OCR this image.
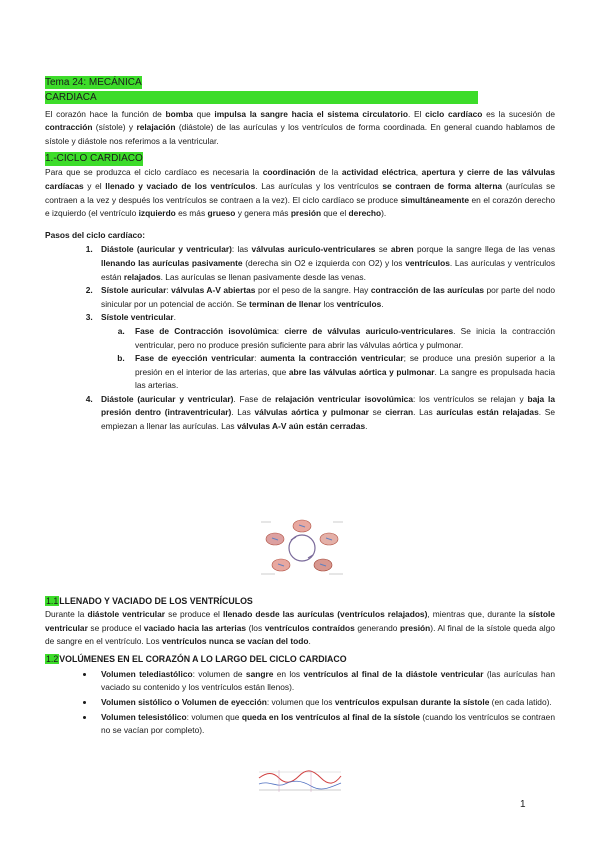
Tema 24: MECÁNICA
CARDIACA

El corazón hace la función de bomba que impulsa la sangre hacia el sistema circulatorio. El ciclo cardíaco es la sucesión de contracción (sístole) y relajación (diástole) de las aurículas y los ventrículos de forma coordinada. En general cuando hablamos de sístole y diástole nos referimos a la ventricular.

1.-CICLO CARDIACO

Para que se produzca el ciclo cardíaco es necesaria la coordinación de la actividad eléctrica, apertura y cierre de las válvulas cardíacas y el llenado y vaciado de los ventrículos. Las aurículas y los ventrículos se contraen de forma alterna (aurículas se contraen a la vez y después los ventrículos se contraen a la vez). El ciclo cardíaco se produce simultáneamente en el corazón derecho e izquierdo (el ventrículo izquierdo es más grueso y genera más presión que el derecho).

Pasos del ciclo cardíaco:
1. Diástole (auricular y ventricular): las válvulas auriculo-ventriculares se abren porque la sangre llega de las venas llenando las aurículas pasivamente (derecha sin O2 e izquierda con O2) y los ventrículos. Las aurículas y ventrículos están relajados. Las aurículas se llenan pasivamente desde las venas.
2. Sístole auricular: válvulas A-V abiertas por el peso de la sangre. Hay contracción de las aurículas por parte del nodo sinicular por un potencial de acción. Se terminan de llenar los ventrículos.
3. Sístole ventricular.
a. Fase de Contracción isovolúmica: cierre de válvulas auriculo-ventriculares. Se inicia la contracción ventricular, pero no produce presión suficiente para abrir las válvulas aórtica y pulmonar.
b. Fase de eyección ventricular: aumenta la contracción ventricular; se produce una presión superior a la presión en el interior de las arterias, que abre las válvulas aórtica y pulmonar. La sangre es propulsada hacia las arterias.
4. Diástole (auricular y ventricular). Fase de relajación ventricular isovolúmica: los ventrículos se relajan y baja la presión dentro (intraventricular). Las válvulas aórtica y pulmonar se cierran. Las aurículas están relajadas. Se empiezan a llenar las aurículas. Las válvulas A-V aún están cerradas.
1.1LLENADO Y VACIADO DE LOS VENTRÍCULOS

Durante la diástole ventricular se produce el llenado desde las aurículas (ventrículos relajados), mientras que, durante la sístole ventricular se produce el vaciado hacia las arterias (los ventrículos contraídos generando presión). Al final de la sístole queda algo de sangre en el ventrículo. Los ventrículos nunca se vacían del todo.

1.2VOLÚMENES EN EL CORAZÓN A LO LARGO DEL CICLO CARDIACO
• Volumen telediastólico: volumen de sangre en los ventrículos al final de la diástole ventricular (las aurículas han vaciado su contenido y los ventrículos están llenos).
• Volumen sistólico o Volumen de eyección: volumen que los ventrículos expulsan durante la sístole (en cada latido).
• Volumen telesistólico: volumen que queda en los ventrículos al final de la sístole (cuando los ventrículos se contraen no se vacían por completo).
1
